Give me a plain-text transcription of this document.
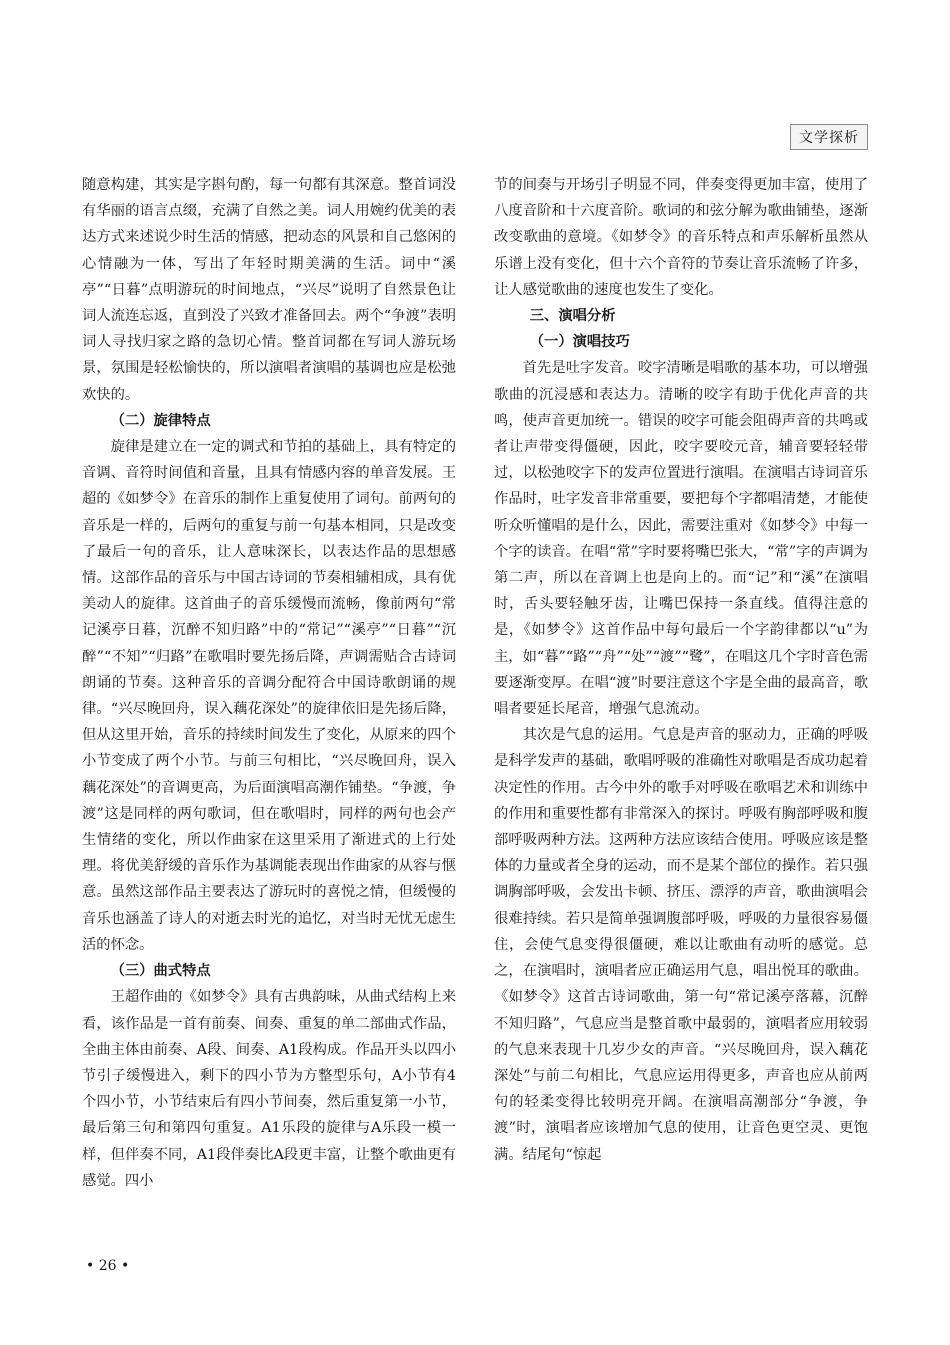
文学探析

随意构建，其实是字斟句酌，每一句都有其深意。整首词没有华丽的语言点缀，充满了自然之美。词人用婉约优美的表达方式来述说少时生活的情感，把动态的风景和自己悠闲的心情融为一体，写出了年轻时期美满的生活。词中“溪亭”“日暮”点明游玩的时间地点，“兴尽”说明了自然景色让词人流连忘返，直到没了兴致才准备回去。两个“争渡”表明词人寻找归家之路的急切心情。整首词都在写词人游玩场景，氛围是轻松愉快的，所以演唱者演唱的基调也应是松弛欢快的。

（二）旋律特点

旋律是建立在一定的调式和节拍的基础上，具有特定的音调、音符时间值和音量，且具有情感内容的单音发展。王超的《如梦令》在音乐的制作上重复使用了词句。前两句的音乐是一样的，后两句的重复与前一句基本相同，只是改变了最后一句的音乐，让人意味深长，以表达作品的思想感情。这部作品的音乐与中国古诗词的节奏相辅相成，具有优美动人的旋律。这首曲子的音乐缓慢而流畅，像前两句“常记溪亭日暮，沉醉不知归路”中的“常记”“溪亭”“日暮”“沉醉”“不知”“归路”在歌唱时要先扬后降，声调需贴合古诗词朗诵的节奏。这种音乐的音调分配符合中国诗歌朗诵的规律。“兴尽晚回舟，误入藕花深处”的旋律依旧是先扬后降，但从这里开始，音乐的持续时间发生了变化，从原来的四个小节变成了两个小节。与前三句相比，“兴尽晚回舟，误入藕花深处”的音调更高，为后面演唱高潮作铺垫。“争渡，争渡”这是同样的两句歌词，但在歌唱时，同样的两句也会产生情绪的变化，所以作曲家在这里采用了渐进式的上行处理。将优美舒缓的音乐作为基调能表现出作曲家的从容与惬意。虽然这部作品主要表达了游玩时的喜悦之情，但缓慢的音乐也涵盖了诗人的对逝去时光的追忆，对当时无忧无虑生活的怀念。

（三）曲式特点

王超作曲的《如梦令》具有古典韵味，从曲式结构上来看，该作品是一首有前奏、间奏、重复的单二部曲式作品，全曲主体由前奏、A段、间奏、A1段构成。作品开头以四小节引子缓慢进入，剩下的四小节为方整型乐句，A小节有4个四小节，小节结束后有四小节间奏，然后重复第一小节，最后第三句和第四句重复。A1乐段的旋律与A乐段一模一样，但伴奏不同，A1段伴奏比A段更丰富，让整个歌曲更有感觉。四小

节的间奏与开场引子明显不同，伴奏变得更加丰富，使用了八度音阶和十六度音阶。歌词的和弦分解为歌曲铺垫，逐渐改变歌曲的意境。《如梦令》的音乐特点和声乐解析虽然从乐谱上没有变化，但十六个音符的节奏让音乐流畅了许多，让人感觉歌曲的速度也发生了变化。

三、演唱分析
（一）演唱技巧

首先是吐字发音。咬字清晰是唱歌的基本功，可以增强歌曲的沉浸感和表达力。清晰的咬字有助于优化声音的共鸣，使声音更加统一。错误的咬字可能会阻碍声音的共鸣或者让声带变得僵硬，因此，咬字要咬元音，辅音要轻轻带过，以松弛咬字下的发声位置进行演唱。在演唱古诗词音乐作品时，吐字发音非常重要，要把每个字都唱清楚，才能使听众听懂唱的是什么，因此，需要注重对《如梦令》中每一个字的读音。在唱“常”字时要将嘴巴张大，“常”字的声调为第二声，所以在音调上也是向上的。而“记”和“溪”在演唱时，舌头要轻触牙齿，让嘴巴保持一条直线。值得注意的是，《如梦令》这首作品中每句最后一个字韵律都以“u”为主，如“暮”“路”“舟”“处”“渡”“鹭”，在唱这几个字时音色需要逐渐变厚。在唱“渡”时要注意这个字是全曲的最高音，歌唱者要延长尾音，增强气息流动。

其次是气息的运用。气息是声音的驱动力，正确的呼吸是科学发声的基础，歌唱呼吸的准确性对歌唱是否成功起着决定性的作用。古今中外的歌手对呼吸在歌唱艺术和训练中的作用和重要性都有非常深入的探讨。呼吸有胸部呼吸和腹部呼吸两种方法。这两种方法应该结合使用。呼吸应该是整体的力量或者全身的运动，而不是某个部位的操作。若只强调胸部呼吸，会发出卡顿、挤压、漂浮的声音，歌曲演唱会很难持续。若只是简单强调腹部呼吸，呼吸的力量很容易僵住，会使气息变得很僵硬，难以让歌曲有动听的感觉。总之，在演唱时，演唱者应正确运用气息，唱出悦耳的歌曲。《如梦令》这首古诗词歌曲，第一句“常记溪亭落幕，沉醉不知归路”，气息应当是整首歌中最弱的，演唱者应用较弱的气息来表现十几岁少女的声音。“兴尽晚回舟，误入藕花深处”与前二句相比，气息应运用得更多，声音也应从前两句的轻柔变得比较明亮开阔。在演唱高潮部分“争渡，争渡”时，演唱者应该增加气息的使用，让音色更空灵、更饱满。结尾句“惊起

• 26 •
